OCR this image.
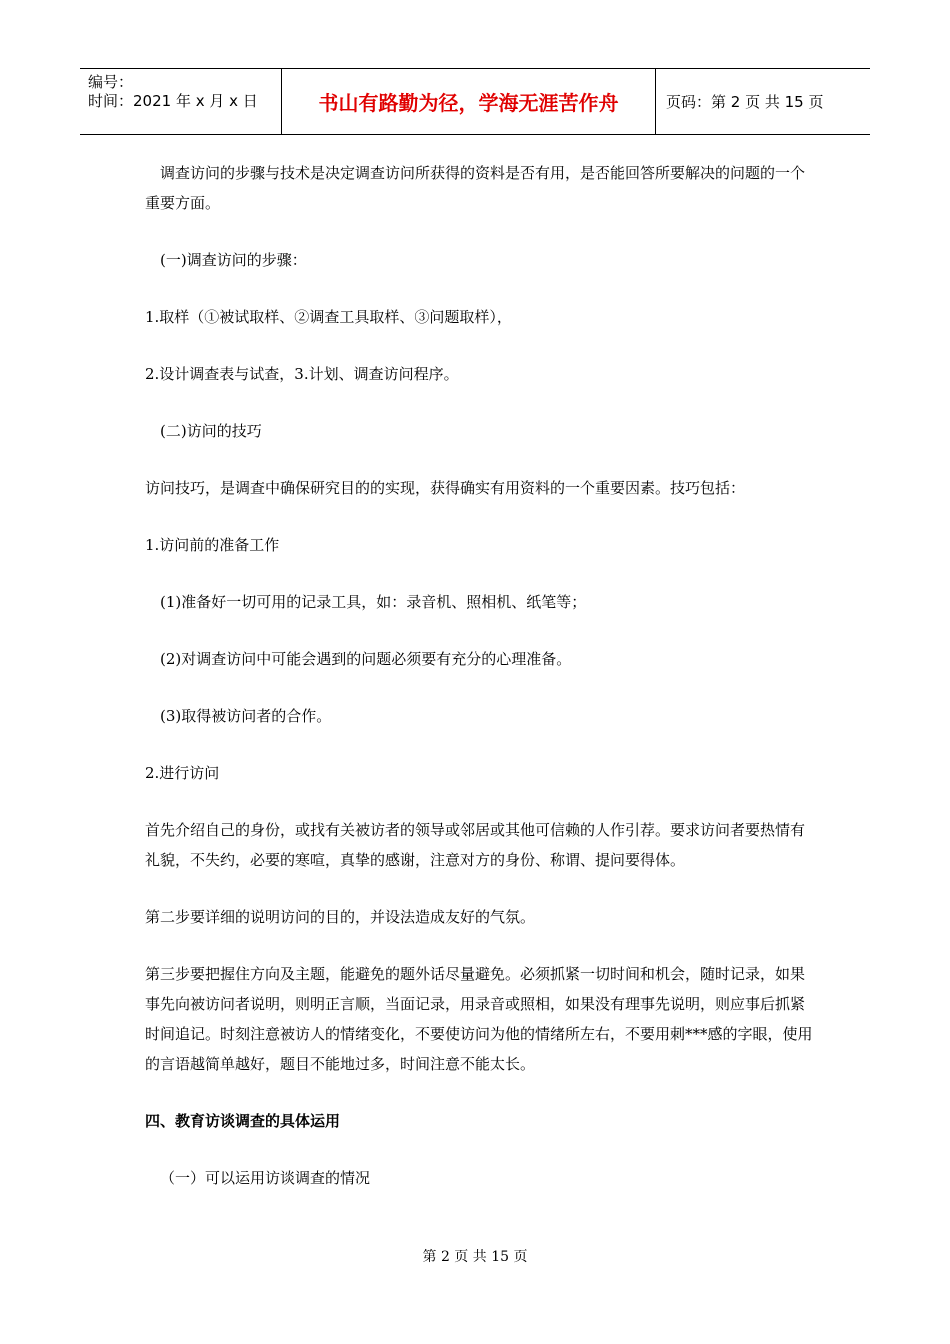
编号：
时间：2021 年 x 月 x 日	书山有路勤为径，学海无涯苦作舟	页码：第 2 页 共 15 页

调查访问的步骤与技术是决定调查访问所获得的资料是否有用，是否能回答所要解决的问题的一个重要方面。

(一)调查访问的步骤：

1.取样（①被试取样、②调查工具取样、③问题取样），

2.设计调查表与试查，3.计划、调查访问程序。

(二)访问的技巧

访问技巧，是调查中确保研究目的的实现，获得确实有用资料的一个重要因素。技巧包括：

1.访问前的准备工作

(1)准备好一切可用的记录工具，如：录音机、照相机、纸笔等；

(2)对调查访问中可能会遇到的问题必须要有充分的心理准备。

(3)取得被访问者的合作。

2.进行访问

首先介绍自己的身份，或找有关被访者的领导或邻居或其他可信赖的人作引荐。要求访问者要热情有礼貌，不失约，必要的寒喧，真挚的感谢，注意对方的身份、称谓、提问要得体。

第二步要详细的说明访问的目的，并设法造成友好的气氛。

第三步要把握住方向及主题，能避免的题外话尽量避免。必须抓紧一切时间和机会，随时记录，如果事先向被访问者说明，则明正言顺，当面记录，用录音或照相，如果没有理事先说明，则应事后抓紧时间追记。时刻注意被访人的情绪变化，不要使访问为他的情绪所左右，不要用刺***感的字眼，使用的言语越简单越好，题目不能地过多，时间注意不能太长。

四、教育访谈调查的具体运用

（一）可以运用访谈调查的情况

第 2 页 共 15 页
